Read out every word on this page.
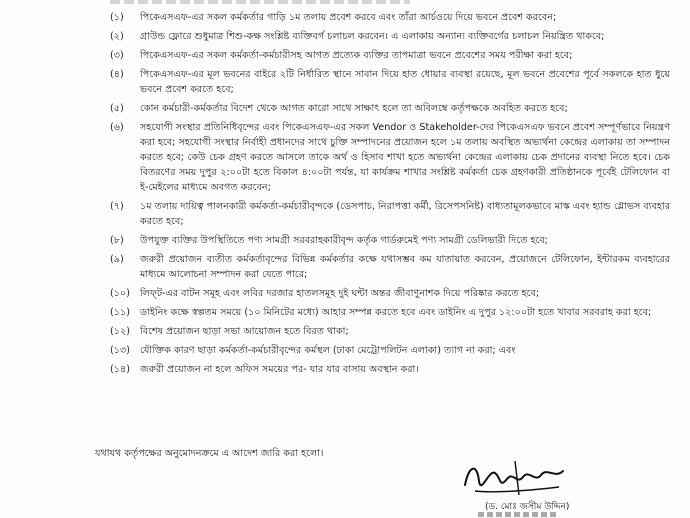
(১)	পিকেএসএফ-এর সকল কর্মকর্তার গাড়ি ১ম তলায় প্রবেশ করবে এবং তাঁরা আর্চওয়ে দিয়ে ভবনে প্রবেশ করবেন;
(২)	গ্রাউন্ড ফ্লোরে শুধুমাত্র শিশু-কক্ষ সংশ্লিষ্ট ব্যক্তিবর্গ চলাচল করবেন। এ এলাকায় অন্যান্য ব্যক্তিবর্গের চলাচল নিয়ন্ত্রিত থাকবে;
(৩)	পিকেএসএফ-এর সকল কর্মকর্তা-কর্মচারীসহ আগত প্রত্যেক ব্যক্তির তাপমাত্রা ভবনে প্রবেশের সময় পরীক্ষা করা হবে;
(৪)	পিকেএসএফ-এর মূল ভবনের বাইরে ২টি নির্ধারিত স্থানে সাবান দিয়ে হাত ধোয়ার ব্যবস্থা রয়েছে, মূল ভবনে প্রবেশের পূর্বে সকলকে হাত ধুয়ে ভবনে প্রবেশ করতে হবে;
(৫)	কোন কর্মচারী-কর্মকর্তার বিদেশ থেকে আগত কারো সাথে সাক্ষাৎ হলে তা অবিলম্বে কর্তৃপক্ষকে অবহিত করতে হবে;
(৬)	সহযোগী সংস্থার প্রতিনিধিবৃন্দের এবং পিকেএসএফ-এর সকল Vendor ও Stakeholder-দের পিকেএসএফ ভবনে প্রবেশ সম্পূর্ণভাবে নিয়ন্ত্রণ করা হবে; সহযোগী সংস্থার নির্বাহী প্রধানদের সাথে চুক্তি সম্পাদনের প্রয়োজন হলে ১ম তলায় অবস্থিত অভ্যর্থনা কেন্দ্রের এলাকায় তা সম্পাদন করতে হবে; কেউ চেক গ্রহণ করতে আসলে তাকে অর্থ ও হিসাব শাখা হতে অভ্যর্থনা কেন্দ্রের এলাকায় চেক প্রদানের ব্যবস্থা নিতে হবে। চেক বিতরণের সময় দুপুর ২:০০টা হতে বিকাল ৪:০০টা পর্যন্ত, যা কার্যক্রম শাখার সংশ্লিষ্ট কর্মকর্তা চেক গ্রহণকারী প্রতিষ্ঠানকে পূর্বেই টেলিফোন বা ই-মেইলের মাধ্যমে অবগত করবেন;
(৭)	১ম তলায় দায়িত্ব পালনকারী কর্মকর্তা-কর্মচারীবৃন্দকে (ডেসপাচ, নিরাপত্তা কর্মী, রিসেপসনিষ্ট) বাধ্যতামূলকভাবে মাস্ক এবং হ্যান্ড গ্লোভস ব্যবহার করতে হবে;
(৮)	উপযুক্ত ব্যক্তির উপস্থিতিতে পণ্য সামগ্রী সরবরাহকারীবৃন্দ কর্তৃক গার্ডরুমেই পণ্য সামগ্রী ডেলিভারী দিতে হবে;
(৯)	জরুরী প্রয়োজন ব্যতীত কর্মকর্তাবৃন্দের বিভিন্ন কর্মকর্তার কক্ষে যথাসম্ভব কম যাতায়াত করবেন, প্রয়োজনে টেলিফোন, ইন্টারকম ব্যবহারের মাধ্যমে আলোচনা সম্পাদন করা যেতে পারে;
(১০)	লিফ্‌ট-এর বাটন সমূহ এবং লবির দরজার হাতলসমূহ দুই ঘন্টা অন্তর জীবাণুনাশক দিয়ে পরিষ্কার করতে হবে;
(১১)	ডাইনিং কক্ষে স্বল্পতম সময়ে (১০ মিনিটের মধ্যে) আহার সম্পন্ন করতে হবে এবং ডাইনিং এ দুপুর ১২:০০টা হতে খাবার সরবরাহ করা হবে;
(১২)	বিশেষ প্রয়োজন ছাড়া সভা আয়োজন হতে বিরত থাকা;
(১৩)	যৌক্তিক কারণ ছাড়া কর্মকর্তা-কর্মচারীবৃন্দের কর্মস্থল (ঢাকা মেট্রোপলিটন এলাকা) ত্যাগ না করা; এবং
(১৪)	জরুরী প্রয়োজন না হলে অফিস সময়ের পর- যার যার বাসায় অবস্থান করা।
যথাযথ কর্তৃপক্ষের অনুমোদনক্রমে এ আদেশ জারি করা হলো।
(ড. মোঃ জসীম উদ্দিন)
